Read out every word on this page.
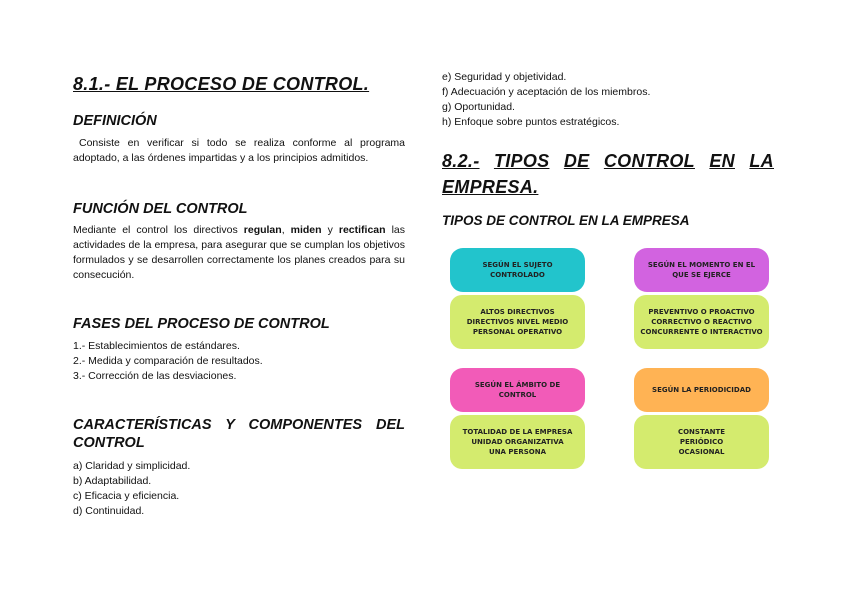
8.1.- EL PROCESO DE CONTROL.
DEFINICIÓN
Consiste en verificar si todo se realiza conforme al programa adoptado, a las órdenes impartidas y a los principios admitidos.
FUNCIÓN DEL CONTROL
Mediante el control los directivos regulan, miden y rectifican las actividades de la empresa, para asegurar que se cumplan los objetivos formulados y se desarrollen correctamente los planes creados para su consecución.
FASES DEL PROCESO DE CONTROL
1.- Establecimientos de estándares.
2.- Medida y comparación de resultados.
3.- Corrección de las desviaciones.
CARACTERÍSTICAS Y COMPONENTES DEL
CONTROL
a) Claridad y simplicidad.
b) Adaptabilidad.
c) Eficacia y eficiencia.
d) Continuidad.
e) Seguridad y objetividad.
f) Adecuación y aceptación de los miembros.
g) Oportunidad.
h) Enfoque sobre puntos estratégicos.
8.2.- TIPOS DE CONTROL EN LA
EMPRESA.
TIPOS DE CONTROL EN LA EMPRESA
SEGÚN EL SUJETO CONTROLADO
ALTOS DIRECTIVOS
DIRECTIVOS NIVEL MEDIO
PERSONAL OPERATIVO
SEGÚN EL MOMENTO EN EL QUE SE EJERCE
PREVENTIVO O PROACTIVO
CORRECTIVO O REACTIVO
CONCURRENTE O INTERACTIVO
SEGÚN EL ÁMBITO DE CONTROL
TOTALIDAD DE LA EMPRESA
UNIDAD ORGANIZATIVA
UNA PERSONA
SEGÚN LA PERIODICIDAD
CONSTANTE
PERIÓDICO
OCASIONAL
